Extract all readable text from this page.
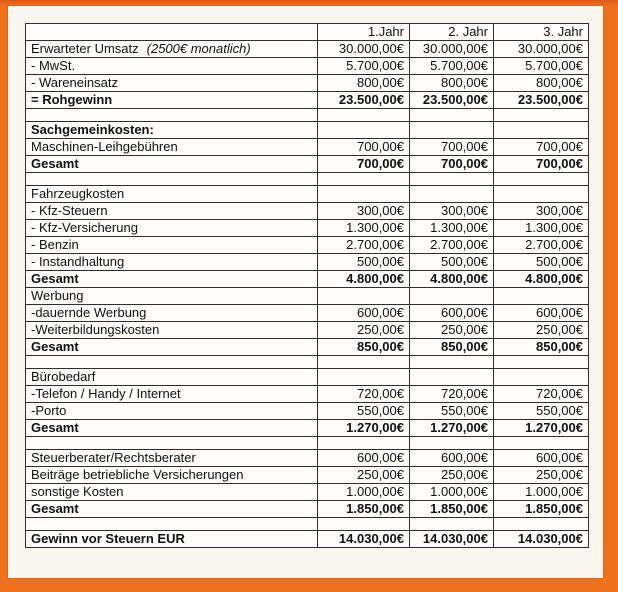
	1.Jahr	2. Jahr	3. Jahr
Erwarteter Umsatz (2500€ monatlich)	30.000,00€	30.000,00€	30.000,00€
- MwSt.	5.700,00€	5.700,00€	5.700,00€
- Wareneinsatz	800,00€	800,00€	800,00€
= Rohgewinn	23.500,00€	23.500,00€	23.500,00€

Sachgemeinkosten:			
Maschinen-Leihgebühren	700,00€	700,00€	700,00€
Gesamt	700,00€	700,00€	700,00€

Fahrzeugkosten			
- Kfz-Steuern	300,00€	300,00€	300,00€
- Kfz-Versicherung	1.300,00€	1.300,00€	1.300,00€
- Benzin	2.700,00€	2.700,00€	2.700,00€
- Instandhaltung	500,00€	500,00€	500,00€
Gesamt	4.800,00€	4.800,00€	4.800,00€
Werbung			
-dauernde Werbung	600,00€	600,00€	600,00€
-Weiterbildungskosten	250,00€	250,00€	250,00€
Gesamt	850,00€	850,00€	850,00€

Bürobedarf			
-Telefon / Handy / Internet	720,00€	720,00€	720,00€
-Porto	550,00€	550,00€	550,00€
Gesamt	1.270,00€	1.270,00€	1.270,00€

Steuerberater/Rechtsberater	600,00€	600,00€	600,00€
Beiträge betriebliche Versicherungen	250,00€	250,00€	250,00€
sonstige Kosten	1.000,00€	1.000,00€	1.000,00€
Gesamt	1.850,00€	1.850,00€	1.850,00€

Gewinn vor Steuern EUR	14.030,00€	14.030,00€	14.030,00€
